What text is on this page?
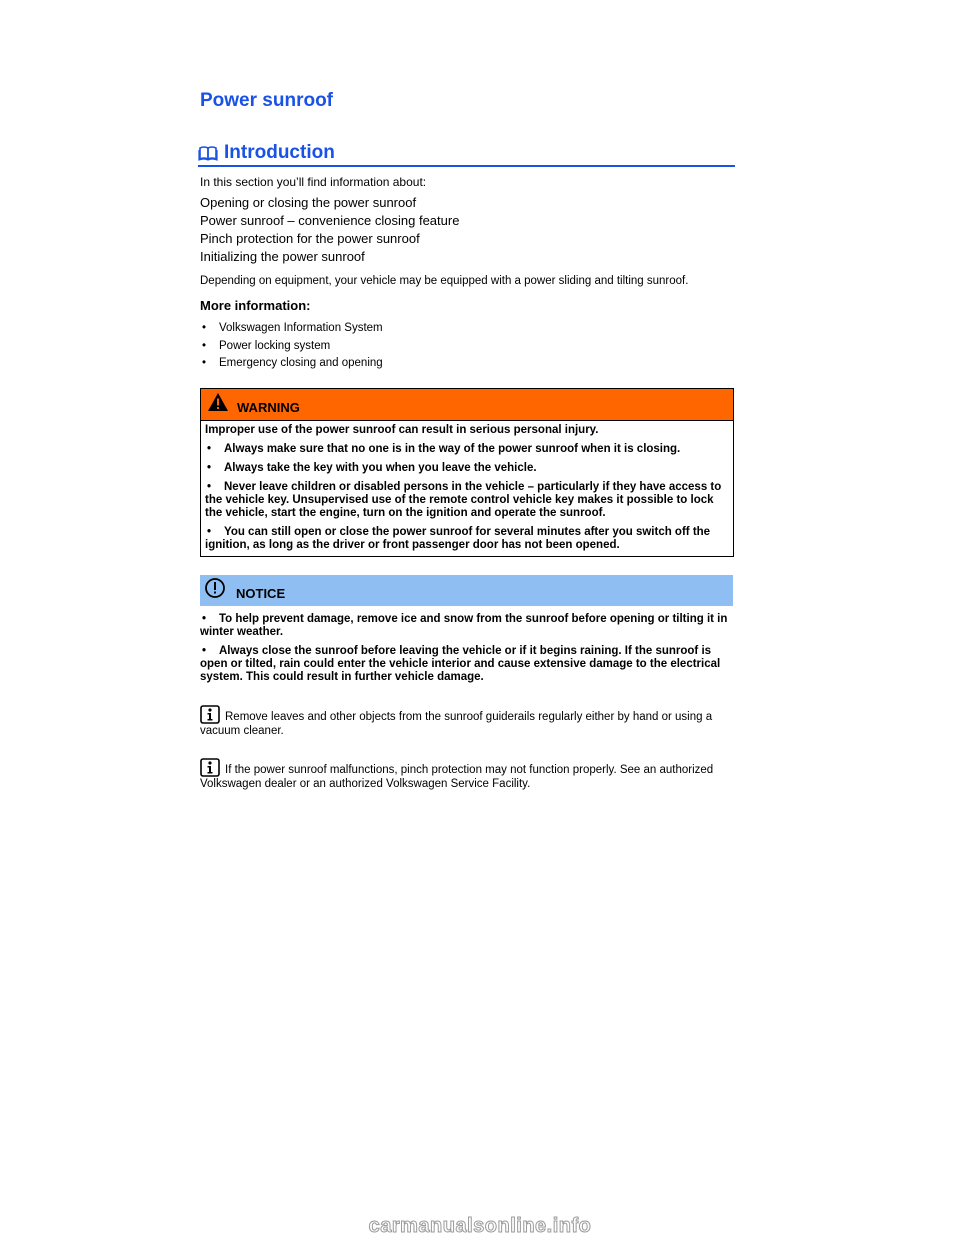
Power sunroof
Introduction
In this section you’ll find information about:
Opening or closing the power sunroof
Power sunroof – convenience closing feature
Pinch protection for the power sunroof
Initializing the power sunroof
Depending on equipment, your vehicle may be equipped with a power sliding and tilting sunroof.
More information:
•	Volkswagen Information System
•	Power locking system
•	Emergency closing and opening
WARNING
Improper use of the power sunroof can result in serious personal injury.
• Always make sure that no one is in the way of the power sunroof when it is closing.
• Always take the key with you when you leave the vehicle.
• Never leave children or disabled persons in the vehicle – particularly if they have access to the vehicle key. Unsupervised use of the remote control vehicle key makes it possible to lock the vehicle, start the engine, turn on the ignition and operate the sunroof.
• You can still open or close the power sunroof for several minutes after you switch off the ignition, as long as the driver or front passenger door has not been opened.
NOTICE
• To help prevent damage, remove ice and snow from the sunroof before opening or tilting it in winter weather.
• Always close the sunroof before leaving the vehicle or if it begins raining. If the sunroof is open or tilted, rain could enter the vehicle interior and cause extensive damage to the electrical system. This could result in further vehicle damage.
Remove leaves and other objects from the sunroof guiderails regularly either by hand or using a vacuum cleaner.
If the power sunroof malfunctions, pinch protection may not function properly. See an authorized Volkswagen dealer or an authorized Volkswagen Service Facility.
carmanualsonline.info
